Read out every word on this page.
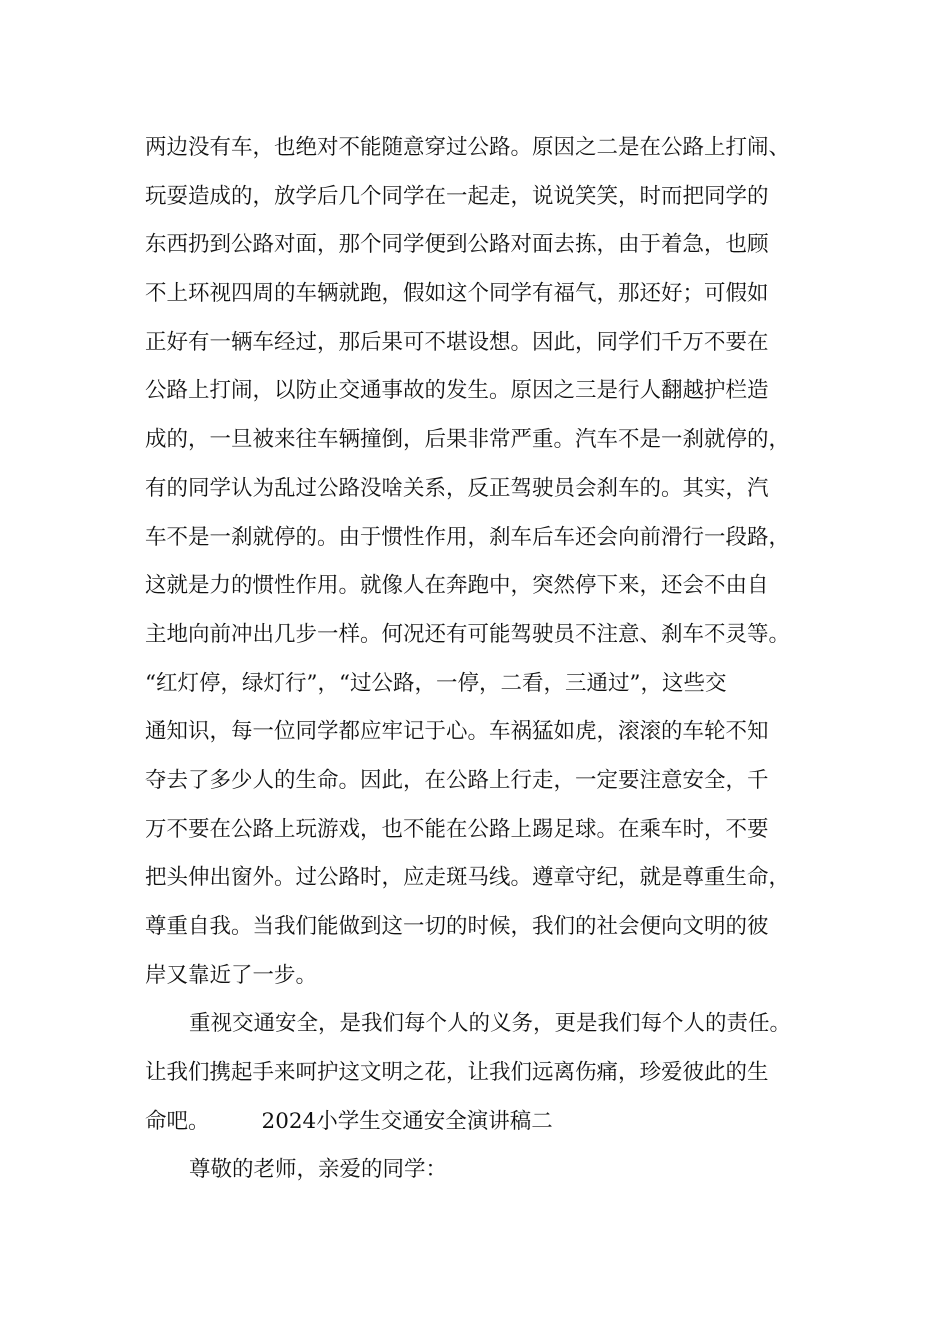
两边没有车，也绝对不能随意穿过公路。原因之二是在公路上打闹、
玩耍造成的，放学后几个同学在一起走，说说笑笑，时而把同学的
东西扔到公路对面，那个同学便到公路对面去拣，由于着急，也顾
不上环视四周的车辆就跑，假如这个同学有福气，那还好；可假如
正好有一辆车经过，那后果可不堪设想。因此，同学们千万不要在
公路上打闹，以防止交通事故的发生。原因之三是行人翻越护栏造
成的，一旦被来往车辆撞倒，后果非常严重。汽车不是一刹就停的，
有的同学认为乱过公路没啥关系，反正驾驶员会刹车的。其实，汽
车不是一刹就停的。由于惯性作用，刹车后车还会向前滑行一段路，
这就是力的惯性作用。就像人在奔跑中，突然停下来，还会不由自
主地向前冲出几步一样。何况还有可能驾驶员不注意、刹车不灵等。
“红灯停，绿灯行”，“过公路，一停，二看，三通过”，这些交
通知识，每一位同学都应牢记于心。车祸猛如虎，滚滚的车轮不知
夺去了多少人的生命。因此，在公路上行走，一定要注意安全，千
万不要在公路上玩游戏，也不能在公路上踢足球。在乘车时，不要
把头伸出窗外。过公路时，应走斑马线。遵章守纪，就是尊重生命，
尊重自我。当我们能做到这一切的时候，我们的社会便向文明的彼
岸又靠近了一步。
重视交通安全，是我们每个人的义务，更是我们每个人的责任。
让我们携起手来呵护这文明之花，让我们远离伤痛，珍爱彼此的生
命吧。 2024小学生交通安全演讲稿二
尊敬的老师，亲爱的同学：
